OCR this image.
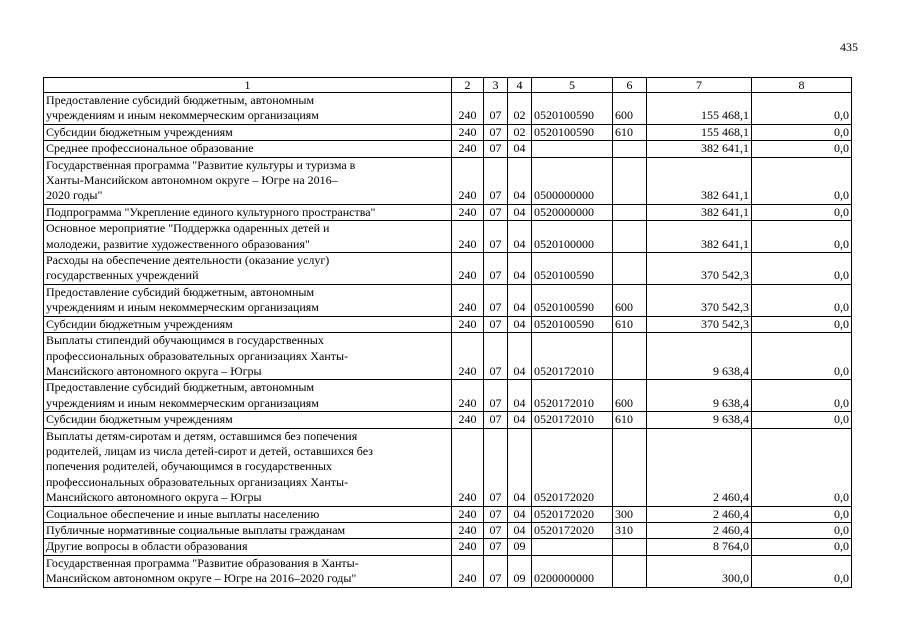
435
1	2	3	4	5	6	7	8

Предоставление субсидий бюджетным, автономным
учреждениям и иным некоммерческим организациям	240	07	02	0520100590	600	155 468,1	0,0

Субсидии бюджетным учреждениям	240	07	02	0520100590	610	155 468,1	0,0

Среднее профессиональное образование	240	07	04			382 641,1	0,0

Государственная программа "Развитие культуры и туризма в
Ханты-Мансийском автономном округе – Югре на 2016–
2020 годы"	240	07	04	0500000000		382 641,1	0,0

Подпрограмма "Укрепление единого культурного пространства"	240	07	04	0520000000		382 641,1	0,0

Основное мероприятие "Поддержка одаренных детей и
молодежи, развитие художественного образования"	240	07	04	0520100000		382 641,1	0,0

Расходы на обеспечение деятельности (оказание услуг)
государственных учреждений	240	07	04	0520100590		370 542,3	0,0

Предоставление субсидий бюджетным, автономным
учреждениям и иным некоммерческим организациям	240	07	04	0520100590	600	370 542,3	0,0

Субсидии бюджетным учреждениям	240	07	04	0520100590	610	370 542,3	0,0

Выплаты стипендий обучающимся в государственных
профессиональных образовательных организациях Ханты-
Мансийского автономного округа – Югры	240	07	04	0520172010		9 638,4	0,0

Предоставление субсидий бюджетным, автономным
учреждениям и иным некоммерческим организациям	240	07	04	0520172010	600	9 638,4	0,0

Субсидии бюджетным учреждениям	240	07	04	0520172010	610	9 638,4	0,0

Выплаты детям-сиротам и детям, оставшимся без попечения
родителей, лицам из числа детей-сирот и детей, оставшихся без
попечения родителей, обучающимся в государственных
профессиональных образовательных организациях Ханты-
Мансийского автономного округа – Югры	240	07	04	0520172020		2 460,4	0,0

Социальное обеспечение и иные выплаты населению	240	07	04	0520172020	300	2 460,4	0,0

Публичные нормативные социальные выплаты гражданам	240	07	04	0520172020	310	2 460,4	0,0

Другие вопросы в области образования	240	07	09			8 764,0	0,0

Государственная программа "Развитие образования в Ханты-
Мансийском автономном округе – Югре на 2016–2020 годы"	240	07	09	0200000000		300,0	0,0
